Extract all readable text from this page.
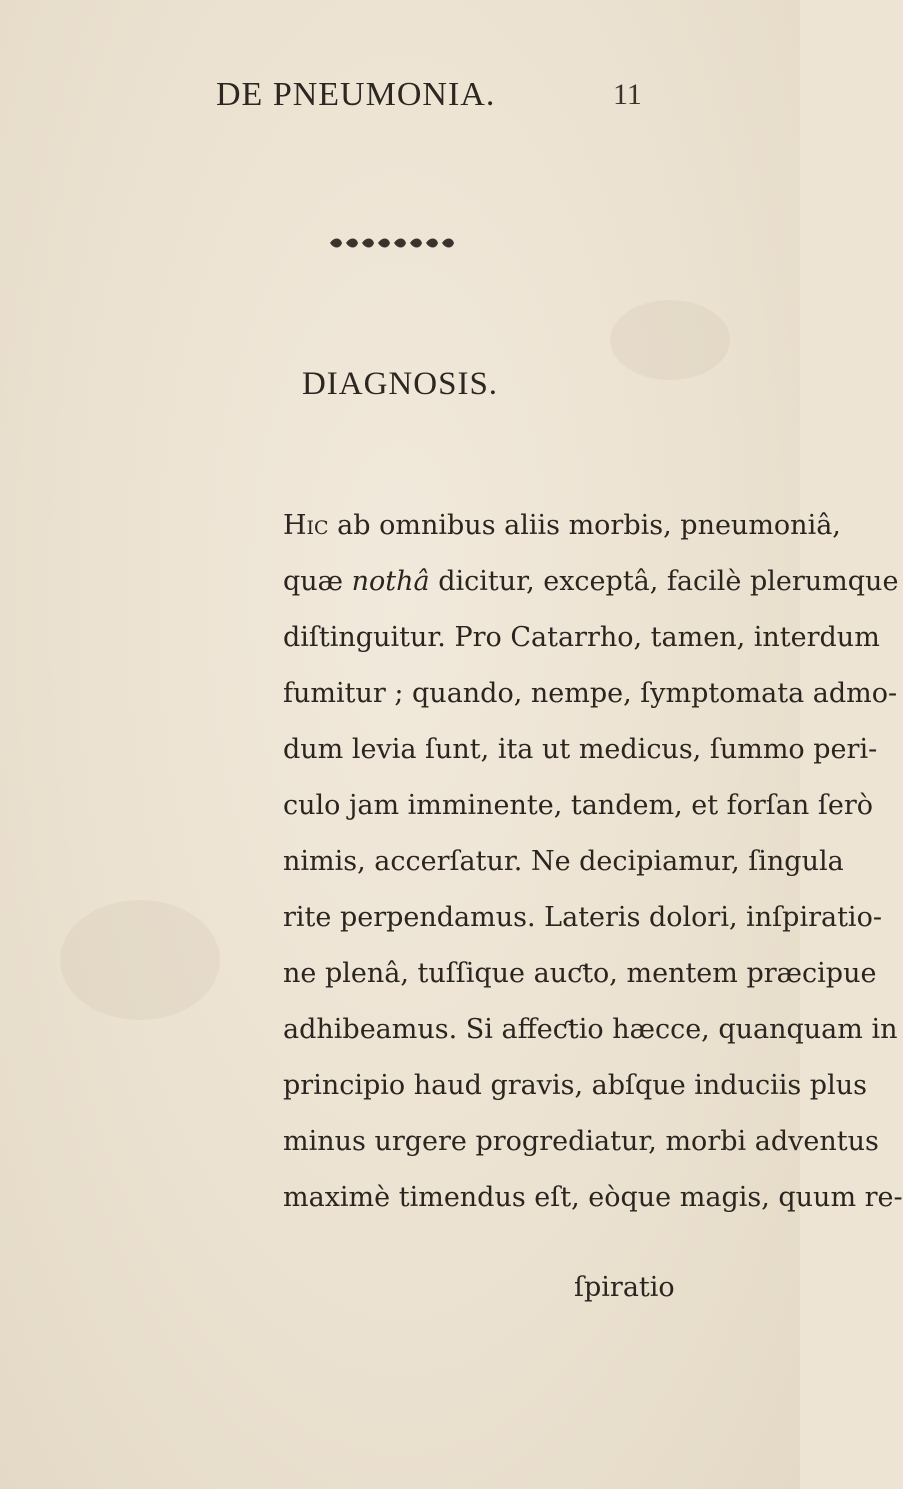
DE PNEUMONIA.	11
DIAGNOSIS.
Hic ab omnibus aliis morbis, pneumoniâ,
quæ nothâ dicitur, exceptâ, facilè plerumque
diſtinguitur. Pro Catarrho, tamen, interdum
fumitur ; quando, nempe, ſymptomata admo-
dum levia ſunt, ita ut medicus, ſummo peri-
culo jam imminente, tandem, et forſan ſerò
nimis, accerſatur. Ne decipiamur, ſingula
rite perpendamus. Lateris dolori, inſpiratio-
ne plenâ, tuſſique auƈto, mentem præcipue
adhibeamus. Si affeƈtio hæcce, quanquam in
principio haud gravis, abſque induciis plus
minus urgere progrediatur, morbi adventus
maximè timendus eſt, eòque magis, quum re-
ſpiratio
